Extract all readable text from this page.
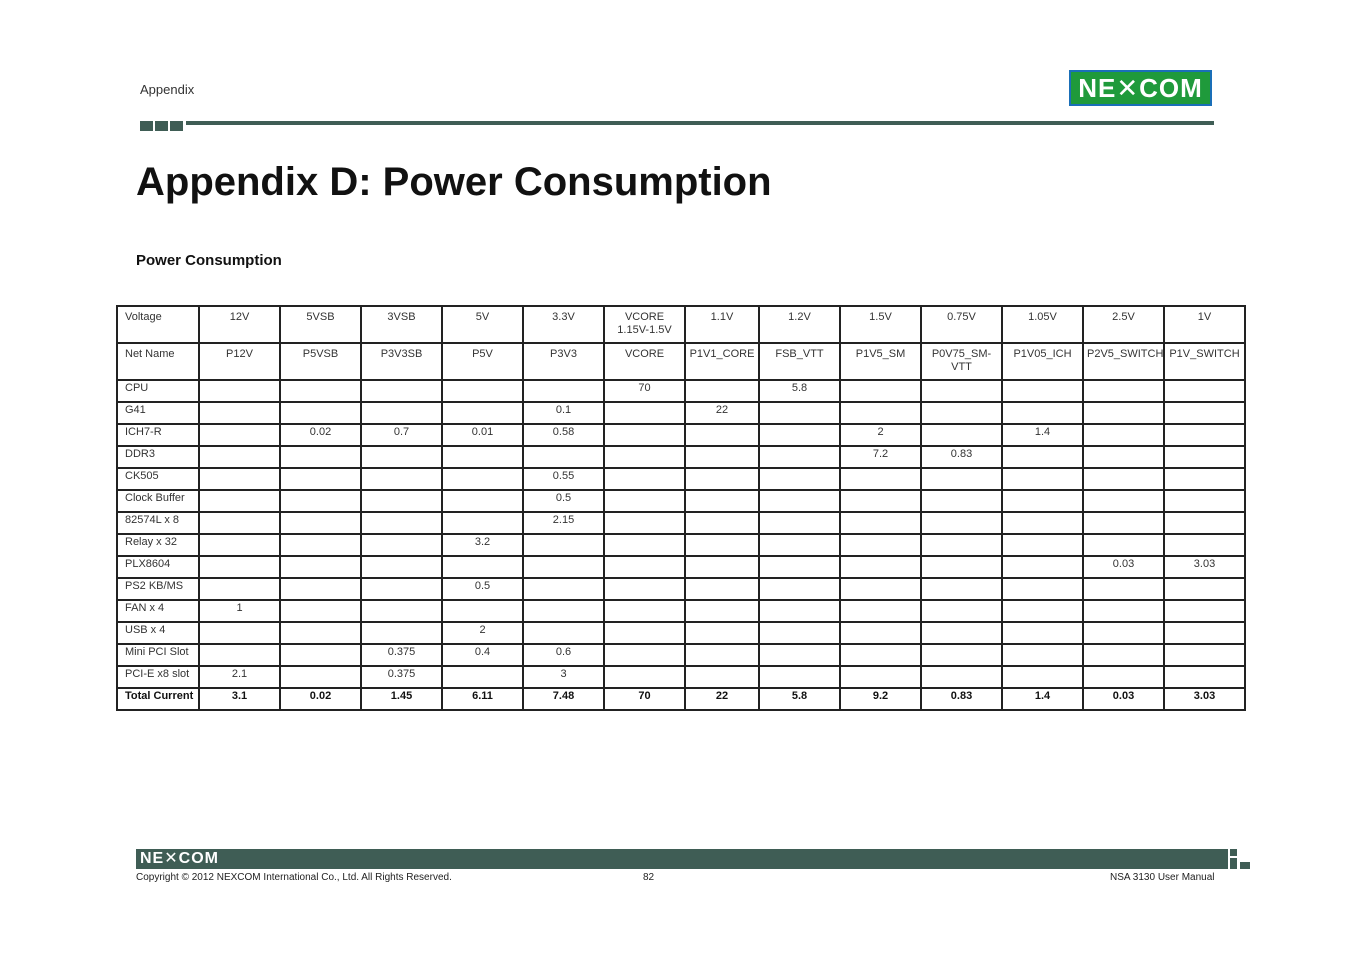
Appendix	NE✕COM
Appendix D: Power Consumption
Power Consumption
Voltage	12V	5VSB	3VSB	5V	3.3V	VCORE 1.15V-1.5V	1.1V	1.2V	1.5V	0.75V	1.05V	2.5V	1V
Net Name	P12V	P5VSB	P3V3SB	P5V	P3V3	VCORE	P1V1_CORE	FSB_VTT	P1V5_SM	P0V75_SM-VTT	P1V05_ICH	P2V5_SWITCH	P1V_SWITCH
CPU						70		5.8					
G41					0.1		22						
ICH7-R		0.02	0.7	0.01	0.58				2		1.4		
DDR3									7.2	0.83			
CK505					0.55								
Clock Buffer					0.5								
82574L x 8					2.15								
Relay x 32				3.2									
PLX8604												0.03	3.03
PS2 KB/MS				0.5									
FAN x 4	1												
USB x 4				2									
Mini PCI Slot			0.375	0.4	0.6								
PCI-E x8 slot	2.1		0.375		3								
Total Current	3.1	0.02	1.45	6.11	7.48	70	22	5.8	9.2	0.83	1.4	0.03	3.03
NE✕COM
Copyright © 2012 NEXCOM International Co., Ltd. All Rights Reserved.	82	NSA 3130 User Manual
